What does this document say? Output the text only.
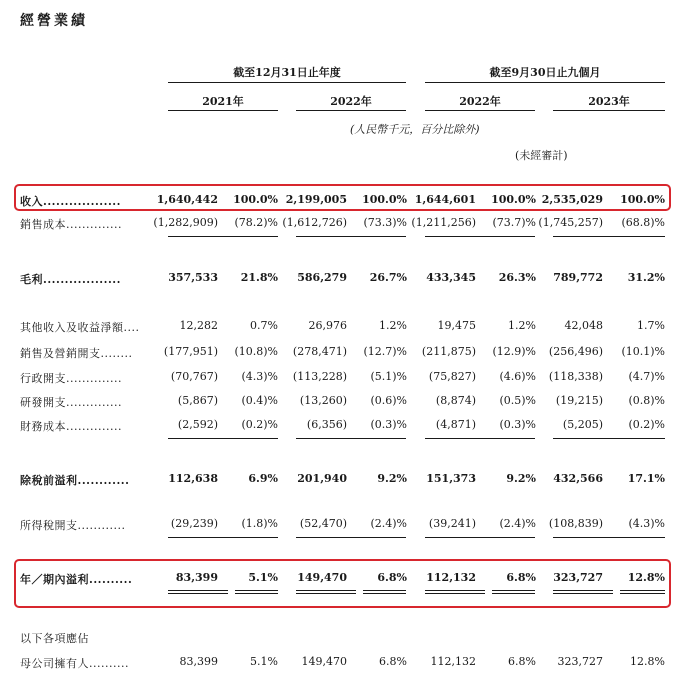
經營業績
截至12月31日止年度	截至9月30日止九個月
2021年	2022年	2022年	2023年
(人民幣千元，百分比除外)
(未經審計)
收入..................	1,640,442 100.0% 2,199,005 100.0% 1,644,601 100.0% 2,535,029 100.0%
銷售成本..............	(1,282,909) (78.2)% (1,612,726) (73.3)% (1,211,256) (73.7)% (1,745,257) (68.8)%
毛利..................	357,533 21.8% 586,279 26.7% 433,345 26.3% 789,772 31.2%
其他收入及收益淨額....	12,282	0.7%	26,976	1.2%	19,475	1.2%	42,048	1.7%
銷售及營銷開支........	(177,951) (10.8)% (278,471) (12.7)% (211,875) (12.9)% (256,496) (10.1)%
行政開支..............	(70,767) (4.3)% (113,228) (5.1)% (75,827) (4.6)% (118,338) (4.7)%
研發開支..............	(5,867) (0.4)% (13,260) (0.6)%	(8,874) (0.5)% (19,215) (0.8)%
財務成本..............	(2,592) (0.2)%	(6,356) (0.3)%	(4,871) (0.3)% (5,205) (0.2)%
除稅前溢利............	112,638	6.9% 201,940	9.2% 151,373	9.2% 432,566 17.1%
所得稅開支............	(29,239) (1.8)% (52,470) (2.4)% (39,241) (2.4)% (108,839) (4.3)%
年／期內溢利..........	83,399	5.1% 149,470	6.8% 112,132	6.8% 323,727 12.8%
以下各項應佔
母公司擁有人..........	83,399	5.1% 149,470	6.8% 112,132	6.8% 323,727 12.8%
